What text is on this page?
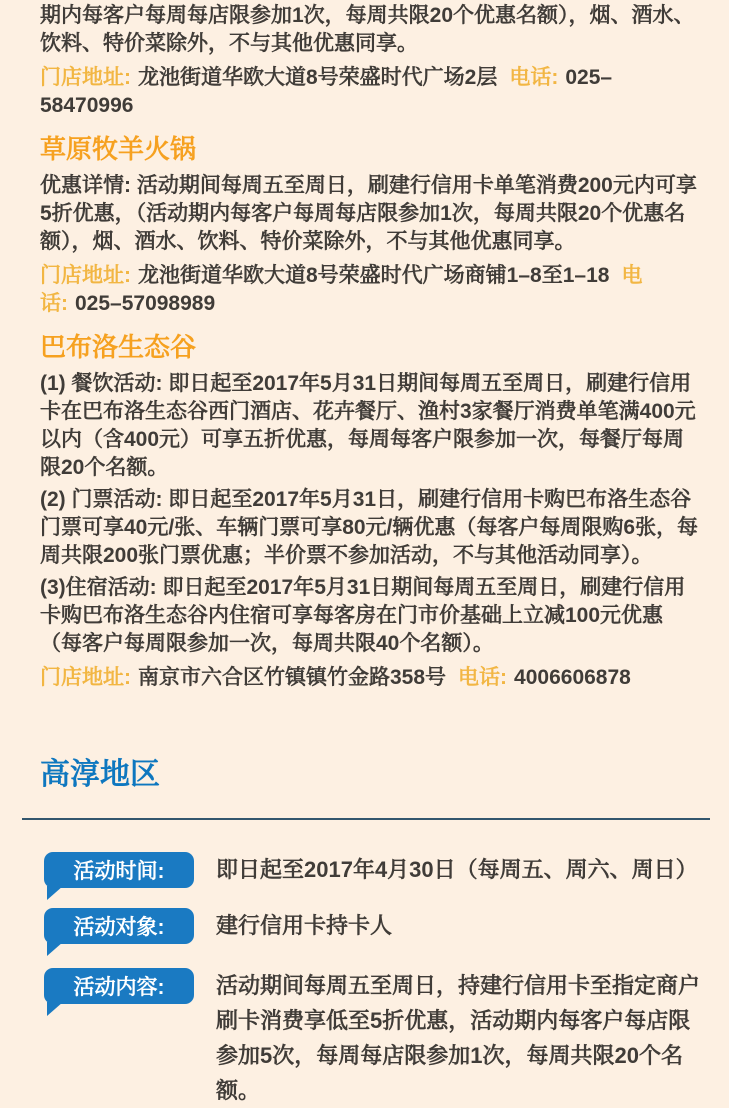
期内每客户每周每店限参加1次，每周共限20个优惠名额），烟、酒水、饮料、特价菜除外，不与其他优惠同享。

门店地址: 龙池街道华欧大道8号荣盛时代广场2层 电话: 025–58470996

草原牧羊火锅

优惠详情: 活动期间每周五至周日，刷建行信用卡单笔消费200元内可享5折优惠，（活动期内每客户每周每店限参加1次，每周共限20个优惠名额），烟、酒水、饮料、特价菜除外，不与其他优惠同享。

门店地址: 龙池街道华欧大道8号荣盛时代广场商铺1–8至1–18 电话: 025–57098989

巴布洛生态谷

(1) 餐饮活动: 即日起至2017年5月31日期间每周五至周日，刷建行信用卡在巴布洛生态谷西门酒店、花卉餐厅、渔村3家餐厅消费单笔满400元以内（含400元）可享五折优惠，每周每客户限参加一次，每餐厅每周限20个名额。

(2) 门票活动: 即日起至2017年5月31日，刷建行信用卡购巴布洛生态谷门票可享40元/张、车辆门票可享80元/辆优惠（每客户每周限购6张，每周共限200张门票优惠；半价票不参加活动，不与其他活动同享）。

(3)住宿活动: 即日起至2017年5月31日期间每周五至周日，刷建行信用卡购巴布洛生态谷内住宿可享每客房在门市价基础上立减100元优惠（每客户每周限参加一次，每周共限40个名额）。

门店地址: 南京市六合区竹镇镇竹金路358号 电话: 4006606878

高淳地区
活动时间: 即日起至2017年4月30日（每周五、周六、周日）
活动对象: 建行信用卡持卡人
活动内容: 活动期间每周五至周日，持建行信用卡至指定商户刷卡消费享低至5折优惠，活动期内每客户每店限参加5次，每周每店限参加1次，每周共限20个名额。
